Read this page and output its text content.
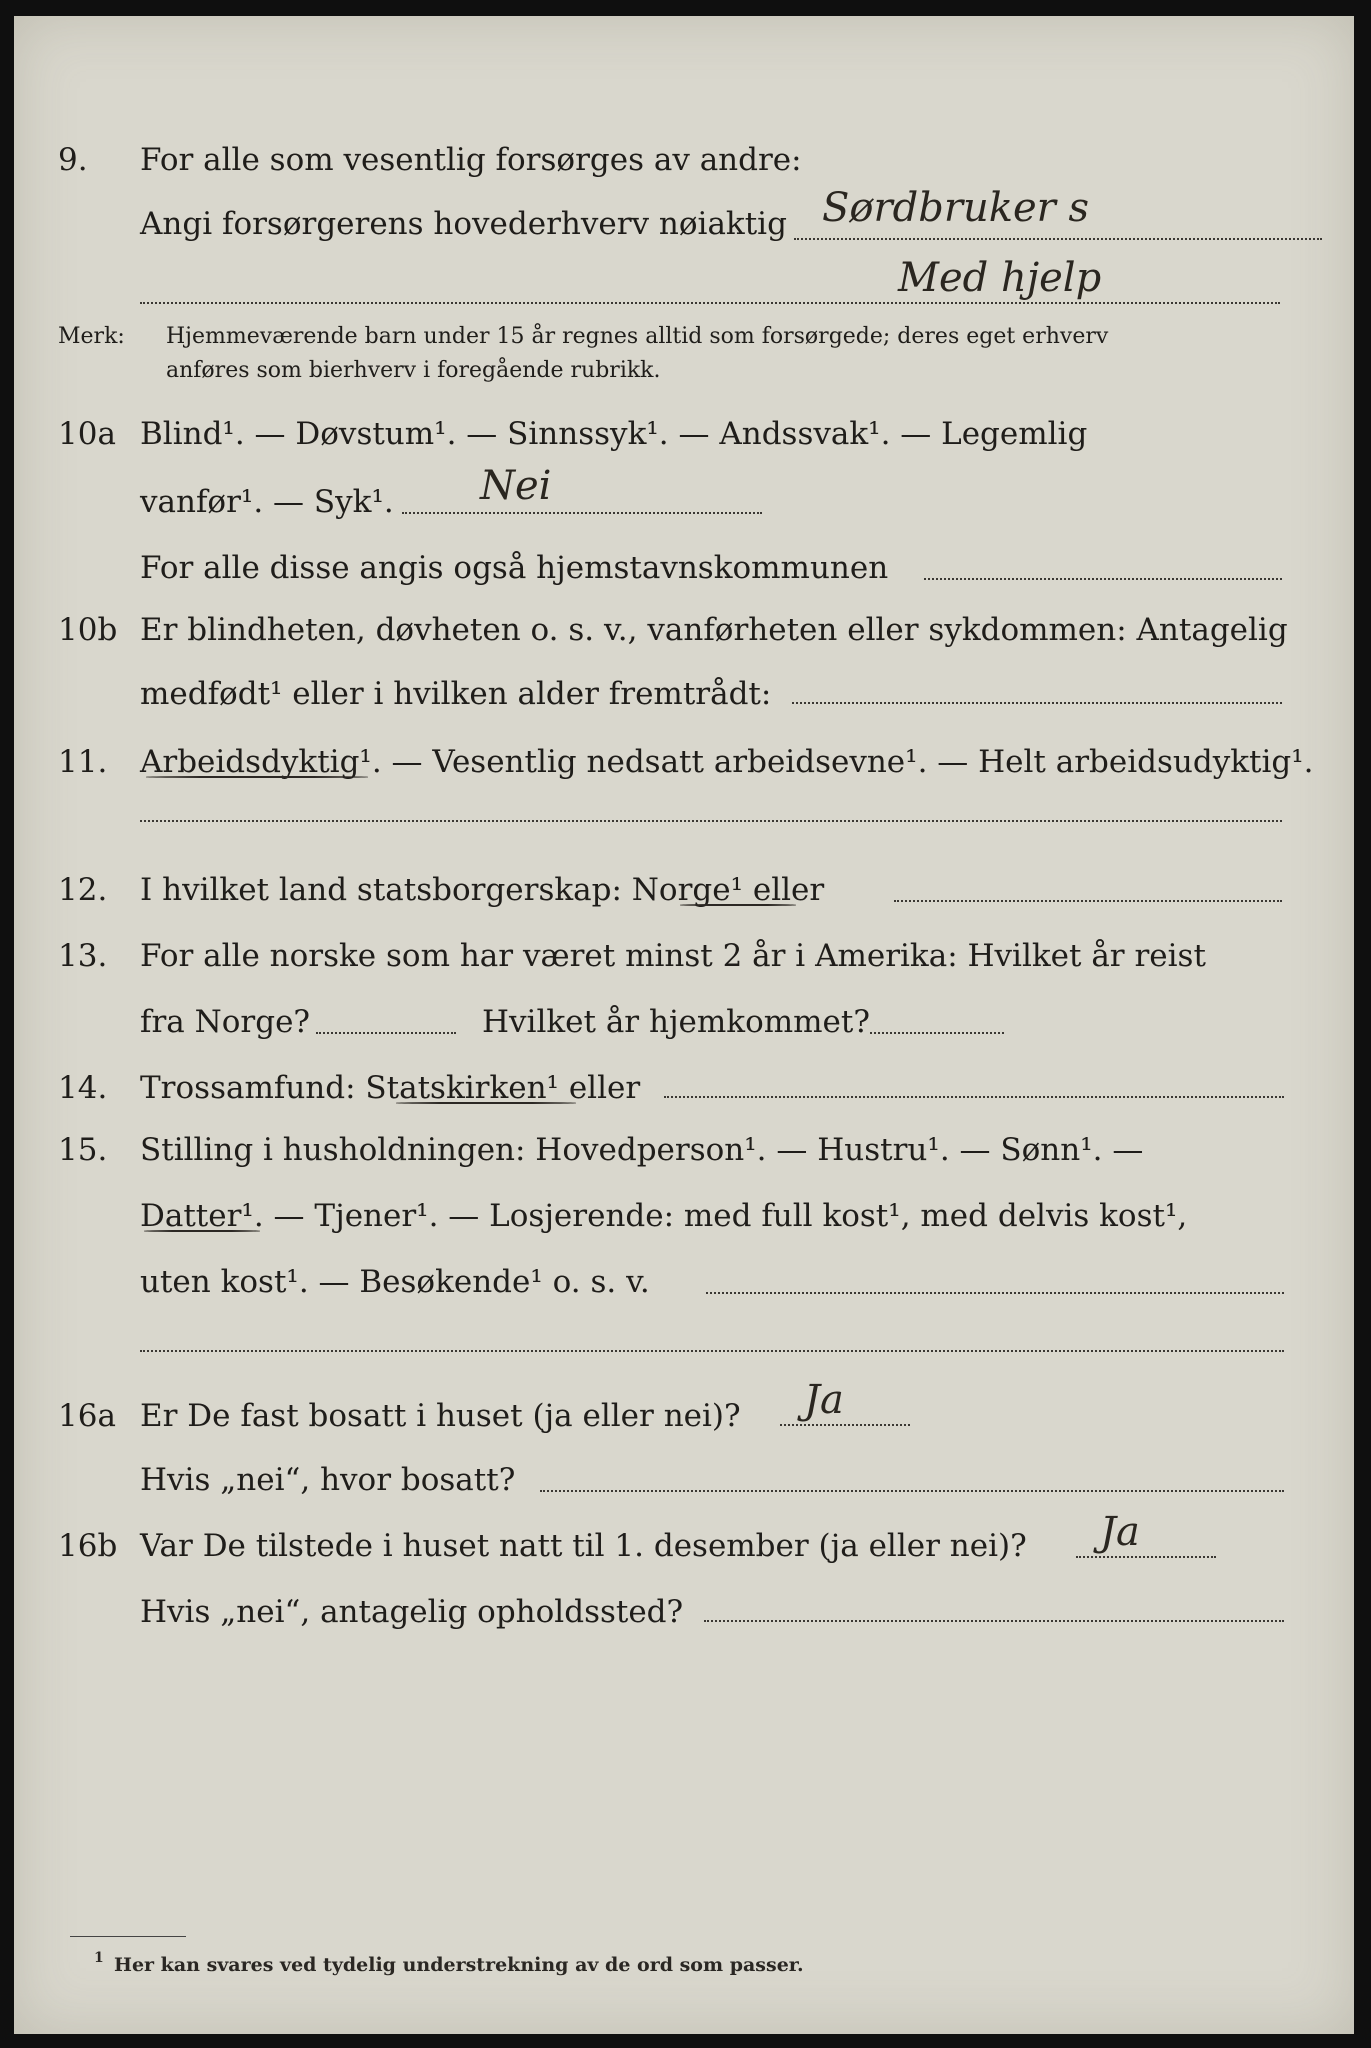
9. For alle som vesentlig forsørges av andre:
Angi forsørgerens hovederhverv nøiaktig Sørdbruker s
Med hjelp
Merk: Hjemmeværende barn under 15 år regnes alltid som forsørgede; deres eget erhverv
anføres som bierhverv i foregående rubrikk.
10a Blind¹. — Døvstum¹. — Sinnssyk¹. — Andssvak¹. — Legemlig
vanfør¹. — Syk¹. Nei
For alle disse angis også hjemstavnskommunen
10b Er blindheten, døvheten o. s. v., vanførheten eller sykdommen: Antagelig
medfødt¹ eller i hvilken alder fremtrådt:
11. Arbeidsdyktig¹. — Vesentlig nedsatt arbeidsevne¹. — Helt arbeidsudyktig¹.
12. I hvilket land statsborgerskap: Norge¹ eller
13. For alle norske som har været minst 2 år i Amerika: Hvilket år reist
fra Norge?	Hvilket år hjemkommet?
14. Trossamfund: Statskirken¹ eller
15. Stilling i husholdningen: Hovedperson¹. — Hustru¹. — Sønn¹. —
Datter¹. — Tjener¹. — Losjerende: med full kost¹, med delvis kost¹,
uten kost¹. — Besøkende¹ o. s. v.
16a Er De fast bosatt i huset (ja eller nei)? Ja
Hvis „nei“, hvor bosatt?
16b Var De tilstede i huset natt til 1. desember (ja eller nei)? Ja
Hvis „nei“, antagelig opholdssted?
1 Her kan svares ved tydelig understrekning av de ord som passer.
